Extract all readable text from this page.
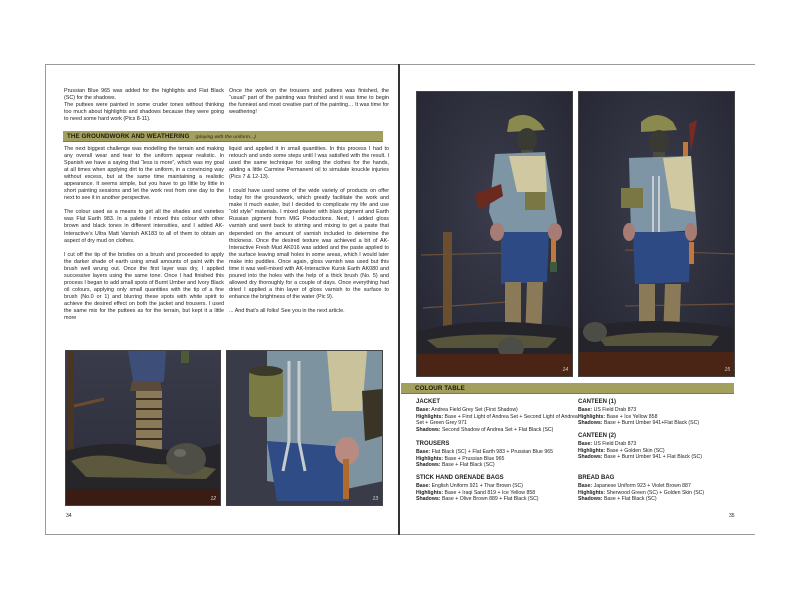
Prussian Blue 965 was added for the highlights and Flat Black (SC) for the shadows.

The puttees were painted in some cruder tones without thinking too much about highlights and shadows because they were going to need some hard work (Pics 8-11).

Once the work on the trousers and puttees was finished, the “usual” part of the painting was finished and it was time to begin the funniest and most creative part of the painting… It was time for weathering!

THE GROUNDWORK AND WEATHERING (playing with the uniform...)

The next biggest challenge was modelling the terrain and making any overall wear and tear to the uniform appear realistic. In Spanish we have a saying that “less is more”, which was my goal at all times when applying dirt to the uniform, in a convincing way without excess, but at the same time maintaining a realistic appearance. It seems simple, but you have to go little by little in short painting sessions and let the work rest from one day to the next to see it in another perspective.

The colour used as a means to get all the shades and varieties was Flat Earth 983. In a palette I mixed this colour with other brown and black tones in different intensities, and I added AK-Interactive’s Ultra Matt Varnish AK183 to all of them to obtain an aspect of dry mud on clothes.

I cut off the tip of the bristles on a brush and proceeded to apply the darker shade of earth using small amounts of paint with the brush well wrung out. Once the first layer was dry, I applied successive layers using the same tone. Once I had finished this process I began to add small spots of Burnt Umber and Ivory Black oil colours, applying only small quantities with the tip of a fine brush (No.0 or 1) and blurring these spots with white spirit to achieve the desired effect on both the jacket and trousers. I used the same mix for the puttees as for the terrain, but kept it a little more

liquid and applied it in small quantities. In this process I had to retouch and undo some steps until I was satisfied with the result. I used the same technique for soiling the clothes for the hands, adding a little Carmine Permanent oil to simulate knuckle injuries (Pics 7 & 12-13).

I could have used some of the wide variety of products on offer today for the groundwork, which greatly facilitate the work and make it much easier, but I decided to complicate my life and use “old style” materials. I mixed plaster with black pigment and Earth Russian pigment from MIG Productions. Next, I added gloss varnish and went back to stirring and mixing to get a paste that depended on the amount of varnish included to determine the thickness. Once the desired texture was achieved a bit of AK-Interactive Fresh Mud AK016 was added and the paste applied to the surface leaving small holes in some areas, which I would later make into puddles. Once again, gloss varnish was used but this time it was well-mixed with AK-Interactive Kursk Earth AK080 and poured into the holes with the help of a thick brush (No. 5) and allowed dry thoroughly for a couple of days. Once everything had dried I applied a thin layer of gloss varnish to the surface to enhance the brightness of the water (Pic 9).

... And that’s all folks! See you in the next article.

12	13
34
14	15
COLOUR TABLE
JACKET
Base: Andrea Field Grey Set (First Shadow)
Highlights: Base + First Light of Andrea Set + Second Light of Andrea Set + Green Grey 971
Shadows: Second Shadow of Andrea Set + Flat Black (SC)
TROUSERS
Base: Flat Black (SC) + Flat Earth 983 + Prussian Blue 965
Highlights: Base + Prussian Blue 965
Shadows: Base + Flat Black (SC)
STICK HAND GRENADE BAGS
Base: English Uniform 921 + Thar Brown (SC)
Highlights: Base + Iraqi Sand 819 + Ice Yellow 858
Shadows: Base + Olive Brown 889 + Flat Black (SC)
CANTEEN (1)
Base: US Field Drab 873
Highlights: Base + Ice Yellow 858
Shadows: Base + Burnt Umber 941+Flat Black (SC)
CANTEEN (2)
Base: US Field Drab 873
Highlights: Base + Golden Skin (SC)
Shadows: Base + Burnt Umber 941 + Flat Black (SC)
BREAD BAG
Base: Japanese Uniform 923 + Violet Brown 887
Highlights: Sherwood Green (SC) + Golden Skin (SC)
Shadows: Base + Flat Black (SC)
35
